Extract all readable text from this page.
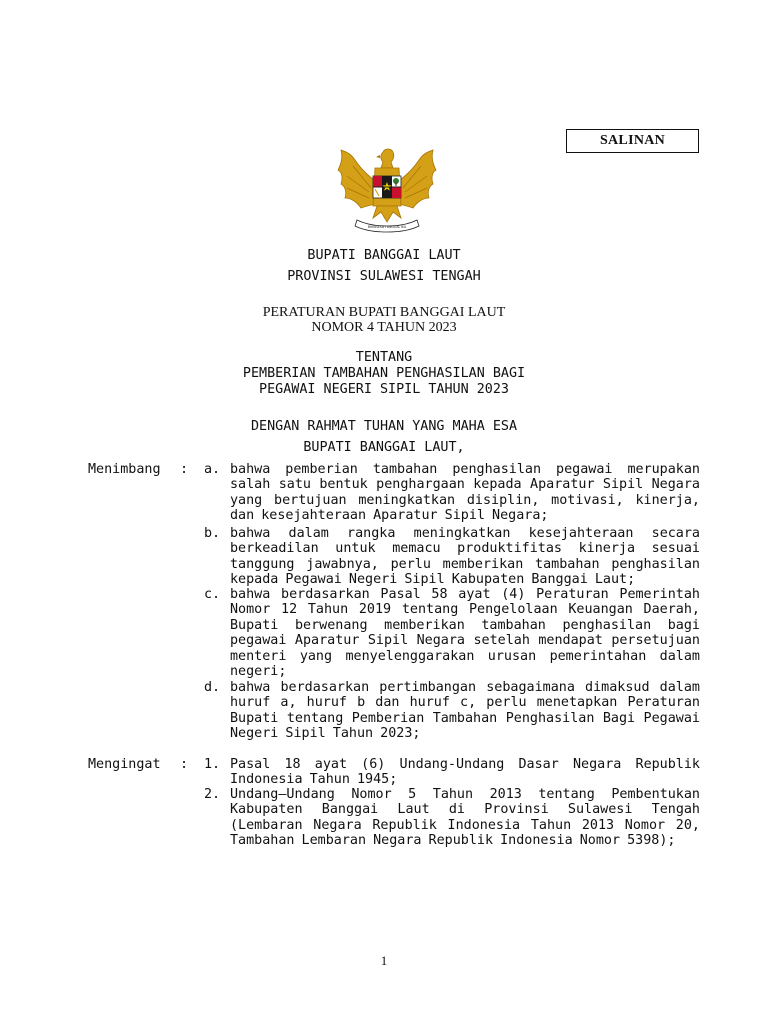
SALINAN
BHINNEKA TUNGGAL IKA
BUPATI BANGGAI LAUT
PROVINSI SULAWESI TENGAH
PERATURAN BUPATI BANGGAI LAUT
NOMOR 4 TAHUN 2023
TENTANG
PEMBERIAN TAMBAHAN PENGHASILAN BAGI
PEGAWAI NEGERI SIPIL TAHUN 2023
DENGAN RAHMAT TUHAN YANG MAHA ESA
BUPATI BANGGAI LAUT,
Menimbang : a. bahwa pemberian tambahan penghasilan pegawai merupakan salah satu bentuk penghargaan kepada Aparatur Sipil Negara yang bertujuan meningkatkan disiplin, motivasi, kinerja, dan kesejahteraan Aparatur Sipil Negara;
b. bahwa dalam rangka meningkatkan kesejahteraan secara berkeadilan untuk memacu produktifitas kinerja sesuai tanggung jawabnya, perlu memberikan tambahan penghasilan kepada Pegawai Negeri Sipil Kabupaten Banggai Laut;
c. bahwa berdasarkan Pasal 58 ayat (4) Peraturan Pemerintah Nomor 12 Tahun 2019 tentang Pengelolaan Keuangan Daerah, Bupati berwenang memberikan tambahan penghasilan bagi pegawai Aparatur Sipil Negara setelah mendapat persetujuan menteri yang menyelenggarakan urusan pemerintahan dalam negeri;
d. bahwa berdasarkan pertimbangan sebagaimana dimaksud dalam huruf a, huruf b dan huruf c, perlu menetapkan Peraturan Bupati tentang Pemberian Tambahan Penghasilan Bagi Pegawai Negeri Sipil Tahun 2023;
Mengingat : 1. Pasal 18 ayat (6) Undang-Undang Dasar Negara Republik Indonesia Tahun 1945;
2. Undang–Undang Nomor 5 Tahun 2013 tentang Pembentukan Kabupaten Banggai Laut di Provinsi Sulawesi Tengah (Lembaran Negara Republik Indonesia Tahun 2013 Nomor 20, Tambahan Lembaran Negara Republik Indonesia Nomor 5398);
1
